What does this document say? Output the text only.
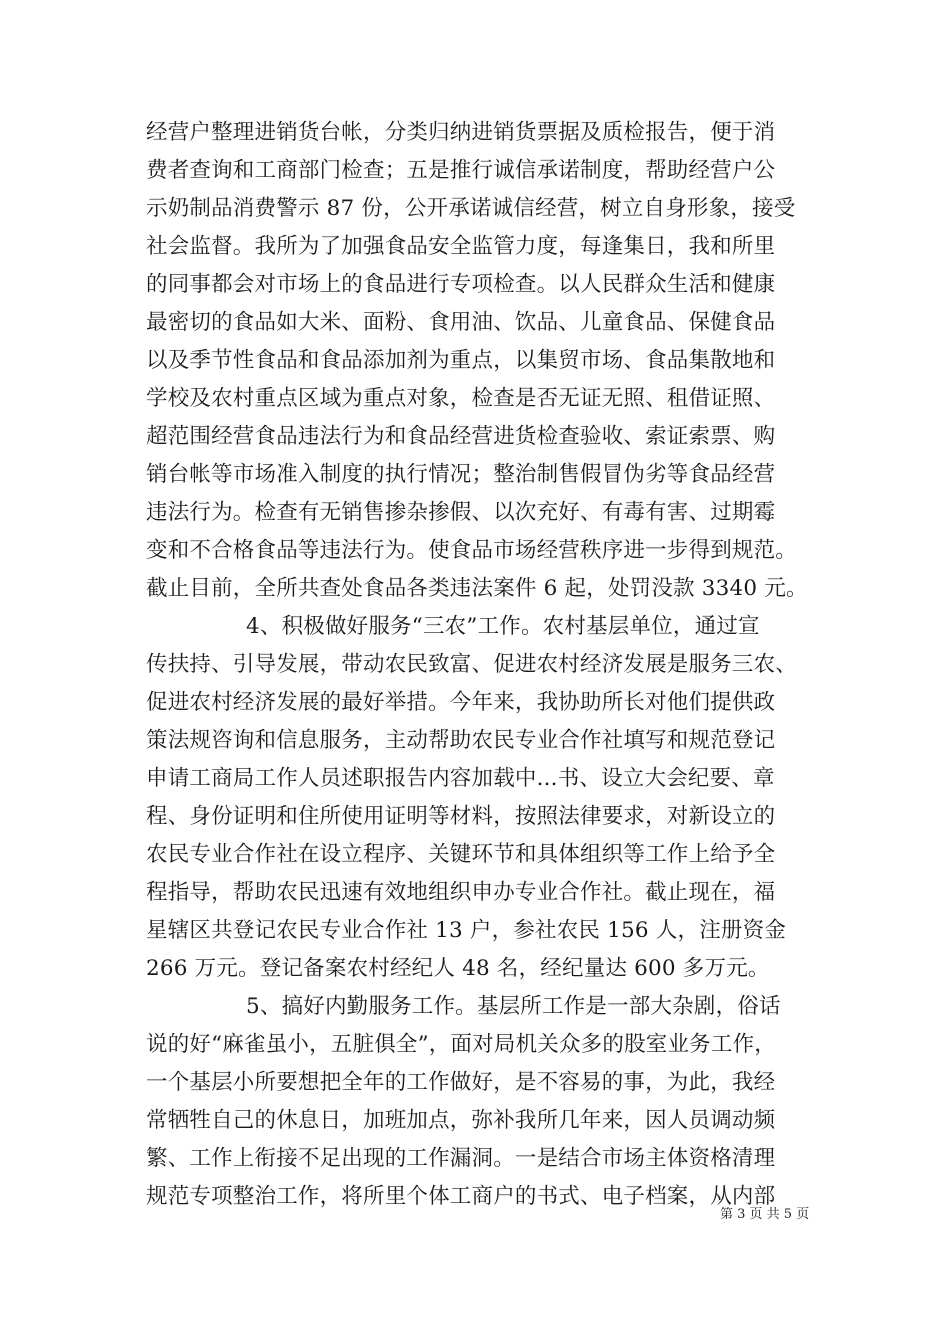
经营户整理进销货台帐，分类归纳进销货票据及质检报告，便于消
费者查询和工商部门检查；五是推行诚信承诺制度，帮助经营户公
示奶制品消费警示 87 份，公开承诺诚信经营，树立自身形象，接受
社会监督。我所为了加强食品安全监管力度，每逢集日，我和所里
的同事都会对市场上的食品进行专项检查。以人民群众生活和健康
最密切的食品如大米、面粉、食用油、饮品、儿童食品、保健食品
以及季节性食品和食品添加剂为重点，以集贸市场、食品集散地和
学校及农村重点区域为重点对象，检查是否无证无照、租借证照、
超范围经营食品违法行为和食品经营进货检查验收、索证索票、购
销台帐等市场准入制度的执行情况；整治制售假冒伪劣等食品经营
违法行为。检查有无销售掺杂掺假、以次充好、有毒有害、过期霉
变和不合格食品等违法行为。使食品市场经营秩序进一步得到规范。
截止目前，全所共查处食品各类违法案件 6 起，处罚没款 3340 元。
4、积极做好服务“三农”工作。农村基层单位，通过宣
传扶持、引导发展，带动农民致富、促进农村经济发展是服务三农、
促进农村经济发展的最好举措。今年来，我协助所长对他们提供政
策法规咨询和信息服务，主动帮助农民专业合作社填写和规范登记
申请工商局工作人员述职报告内容加载中...书、设立大会纪要、章
程、身份证明和住所使用证明等材料，按照法律要求，对新设立的
农民专业合作社在设立程序、关键环节和具体组织等工作上给予全
程指导，帮助农民迅速有效地组织申办专业合作社。截止现在，福
星辖区共登记农民专业合作社 13 户，参社农民 156 人，注册资金
266 万元。登记备案农村经纪人 48 名，经纪量达 600 多万元。
5、搞好内勤服务工作。基层所工作是一部大杂剧，俗话
说的好“麻雀虽小，五脏俱全”，面对局机关众多的股室业务工作，
一个基层小所要想把全年的工作做好，是不容易的事，为此，我经
常牺牲自己的休息日，加班加点，弥补我所几年来，因人员调动频
繁、工作上衔接不足出现的工作漏洞。一是结合市场主体资格清理
规范专项整治工作，将所里个体工商户的书式、电子档案，从内部
第 3 页 共 5 页
